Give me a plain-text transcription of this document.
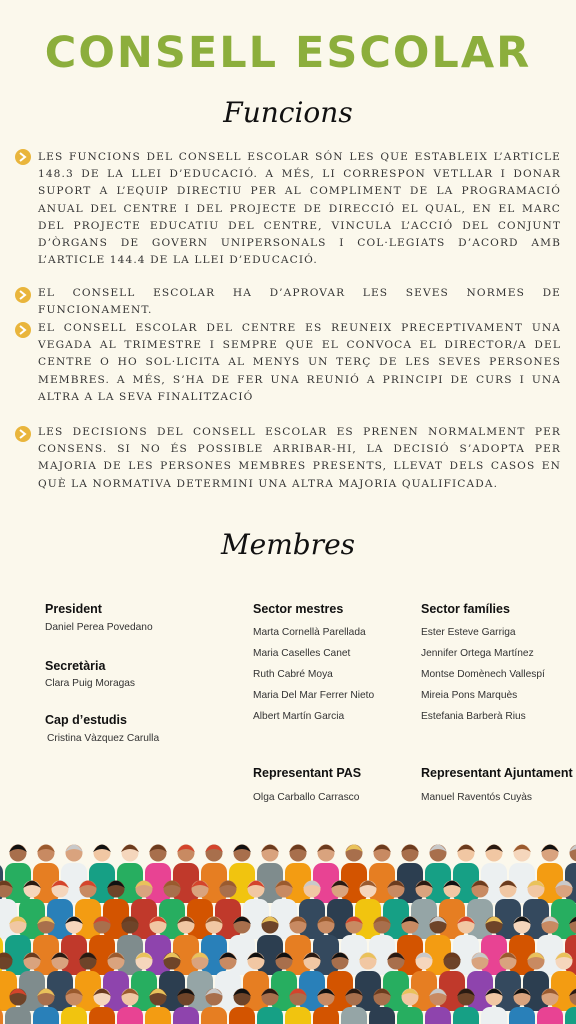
CONSELL ESCOLAR
Funcions
LES FUNCIONS DEL CONSELL ESCOLAR SÓN LES QUE ESTABLEIX L’ARTICLE 148.3 DE LA LLEI D’EDUCACIÓ. A MÉS, LI CORRESPON VETLLAR I DONAR SUPORT A L’EQUIP DIRECTIU PER AL COMPLIMENT DE LA PROGRAMACIÓ ANUAL DEL CENTRE I DEL PROJECTE DE DIRECCIÓ EL QUAL, EN EL MARC DEL PROJECTE EDUCATIU DEL CENTRE, VINCULA L’ACCIÓ DEL CONJUNT D’ÒRGANS DE GOVERN UNIPERSONALS I COL·LEGIATS D’ACORD AMB L’ARTICLE 144.4 DE LA LLEI D’EDUCACIÓ.
EL CONSELL ESCOLAR HA D’APROVAR LES SEVES NORMES DE FUNCIONAMENT.
EL CONSELL ESCOLAR DEL CENTRE ES REUNEIX PRECEPTIVAMENT UNA VEGADA AL TRIMESTRE I SEMPRE QUE EL CONVOCA EL DIRECTOR/A DEL CENTRE O HO SOL·LICITA AL MENYS UN TERÇ DE LES SEVES PERSONES MEMBRES. A MÉS, S’HA DE FER UNA REUNIÓ A PRINCIPI DE CURS I UNA ALTRA A LA SEVA FINALITZACIÓ
LES DECISIONS DEL CONSELL ESCOLAR ES PRENEN NORMALMENT PER CONSENS. SI NO ÉS POSSIBLE ARRIBAR-HI, LA DECISIÓ S’ADOPTA PER MAJORIA DE LES PERSONES MEMBRES PRESENTS, LLEVAT DELS CASOS EN QUÈ LA NORMATIVA DETERMINI UNA ALTRA MAJORIA QUALIFICADA.
Membres
President
Daniel Perea Povedano
Secretària
Clara Puig Moragas
Cap d’estudis
Cristina Vàzquez Carulla
Sector mestres
Marta Cornellà Parellada
Maria Caselles Canet
Ruth Cabré Moya
Maria Del Mar Ferrer Nieto
Albert Martín Garcia
Representant PAS
Olga Carballo Carrasco
Sector famílies
Ester Esteve Garriga
Jennifer Ortega Martínez
Montse Domènech Vallespí
Mireia Pons Marquès
Estefania Barberà Rius
Representant Ajuntament
Manuel Raventós Cuyàs
